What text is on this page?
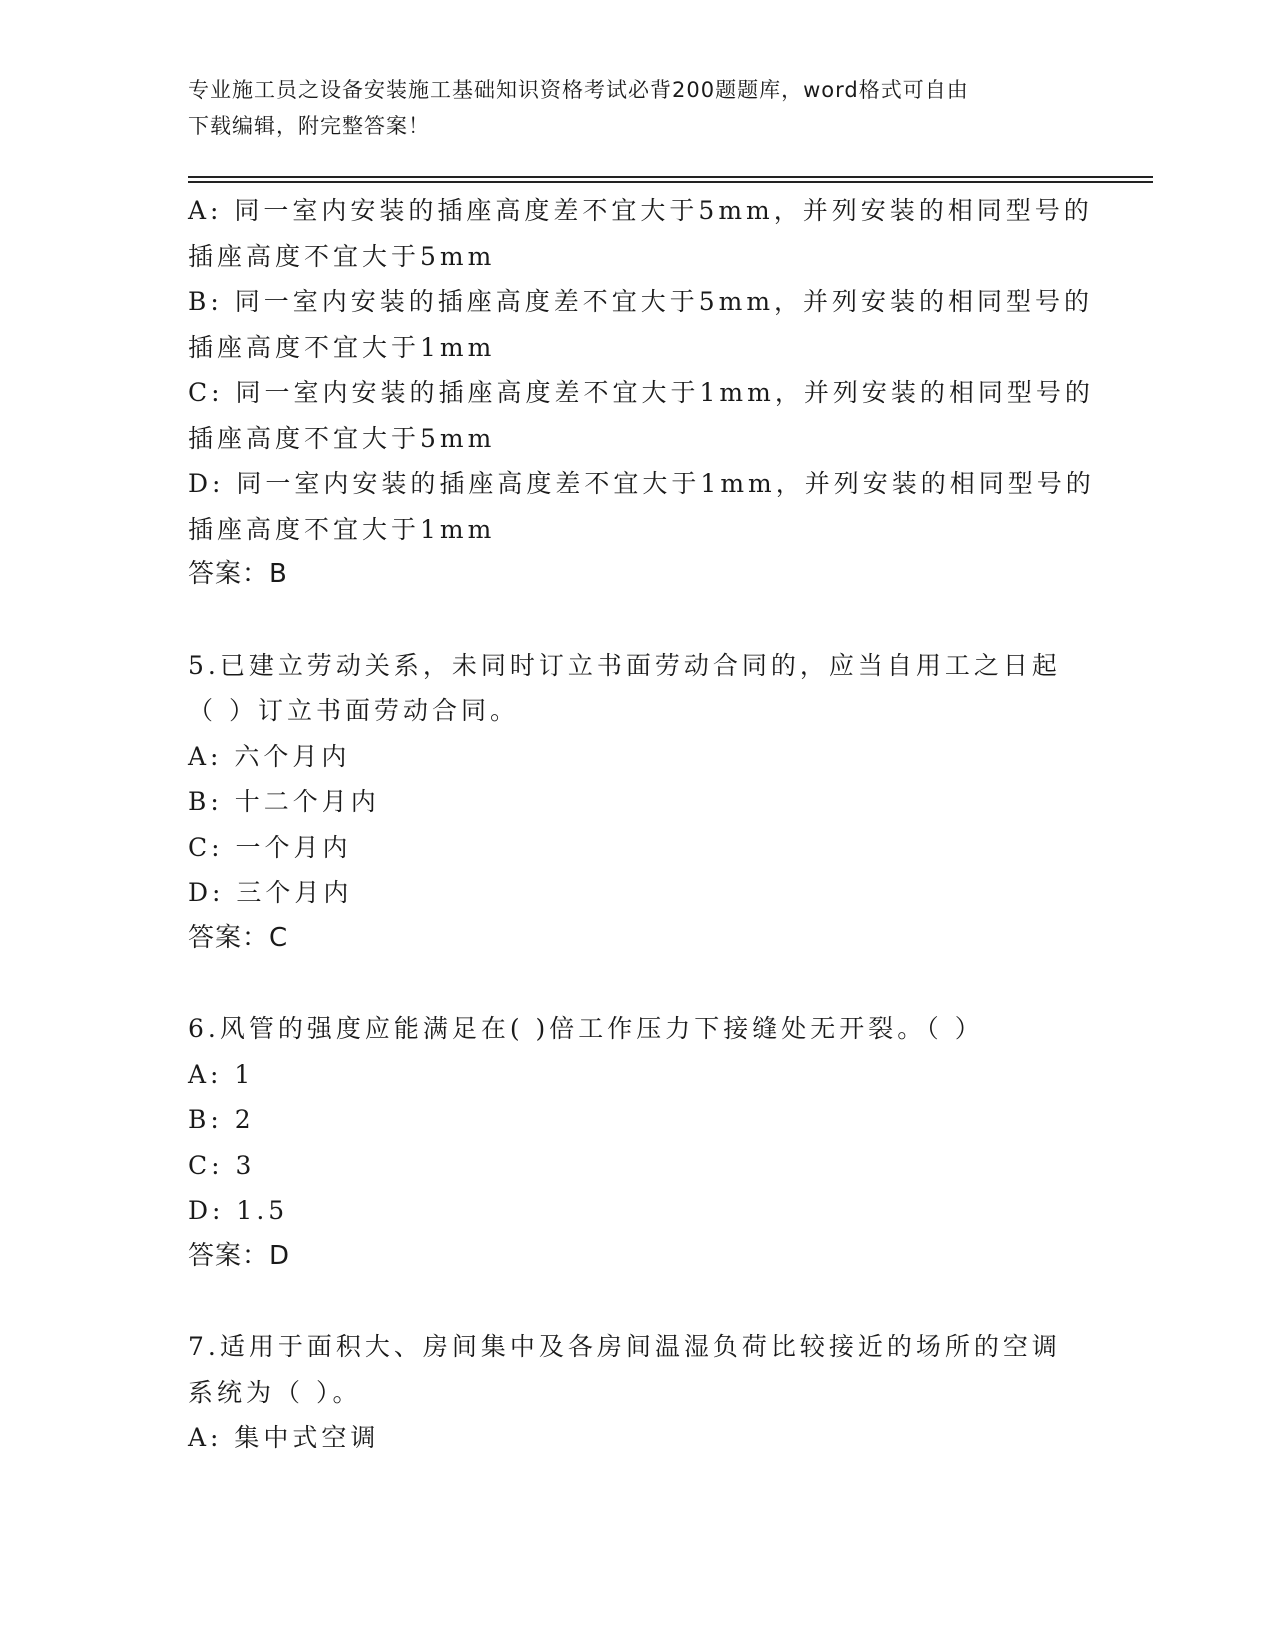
专业施工员之设备安装施工基础知识资格考试必背200题题库，word格式可自由
下载编辑，附完整答案！
A: 同一室内安装的插座高度差不宜大于5mm，并列安装的相同型号的
插座高度不宜大于5mm
B: 同一室内安装的插座高度差不宜大于5mm，并列安装的相同型号的
插座高度不宜大于1mm
C: 同一室内安装的插座高度差不宜大于1mm，并列安装的相同型号的
插座高度不宜大于5mm
D: 同一室内安装的插座高度差不宜大于1mm，并列安装的相同型号的
插座高度不宜大于1mm
答案：B
5.已建立劳动关系，未同时订立书面劳动合同的，应当自用工之日起
（ ）订立书面劳动合同。
A: 六个月内
B: 十二个月内
C: 一个月内
D: 三个月内
答案：C
6.风管的强度应能满足在( )倍工作压力下接缝处无开裂。（ ）
A: 1
B: 2
C: 3
D: 1.5
答案：D
7.适用于面积大、房间集中及各房间温湿负荷比较接近的场所的空调
系统为（ ）。
A: 集中式空调
